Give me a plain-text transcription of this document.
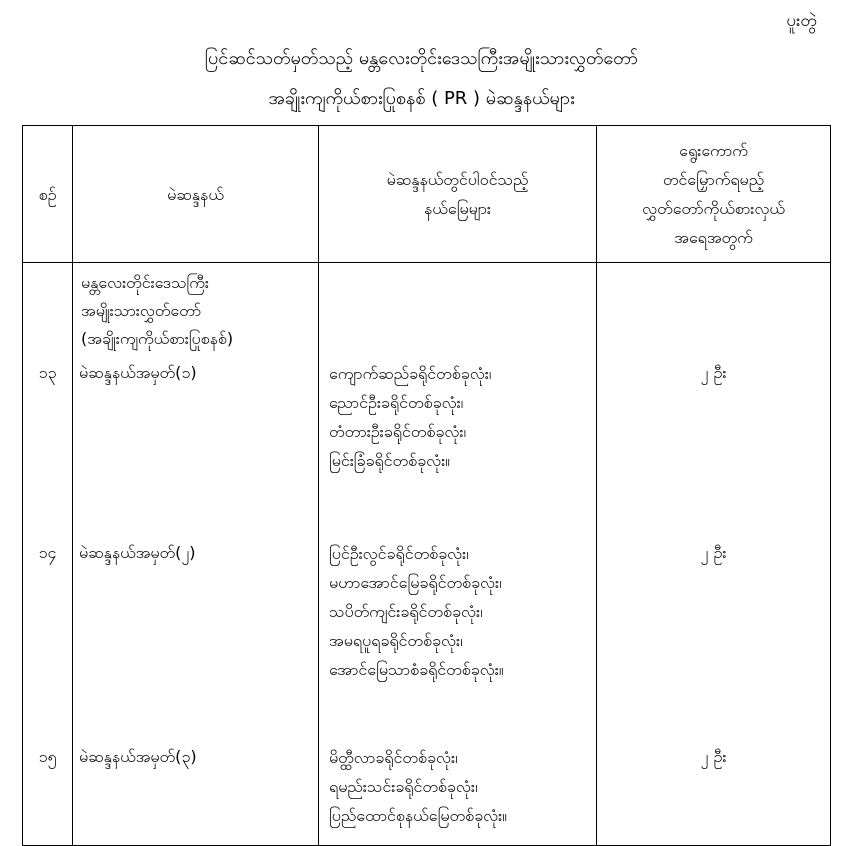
ပူးတွဲ
ပြင်ဆင်သတ်မှတ်သည့် မန္တလေးတိုင်းဒေသကြီးအမျိုးသားလွှတ်တော်
အချိုးကျကိုယ်စားပြုစနစ် ( PR ) မဲဆန္ဒနယ်များ
စဉ်	မဲဆန္ဒနယ်	မဲဆန္ဒနယ်တွင်ပါဝင်သည့်
နယ်မြေများ	ရွေးကောက်
တင်မြှောက်ရမည့်
လွှတ်တော်ကိုယ်စားလှယ်
အရေအတွက်

	မန္တလေးတိုင်းဒေသကြီး
အမျိုးသားလွှတ်တော်
(အချိုးကျကိုယ်စားပြုစနစ်)		

၁၃	မဲဆန္ဒနယ်အမှတ်(၁)	ကျောက်ဆည်ခရိုင်တစ်ခုလုံး၊
ညောင်ဦးခရိုင်တစ်ခုလုံး၊
တံတားဦးခရိုင်တစ်ခုလုံး၊
မြင်းခြံခရိုင်တစ်ခုလုံး။	၂ ဦး
၁၄	မဲဆန္ဒနယ်အမှတ်(၂)	ပြင်ဦးလွင်ခရိုင်တစ်ခုလုံး၊
မဟာအောင်မြေခရိုင်တစ်ခုလုံး၊
သပိတ်ကျင်းခရိုင်တစ်ခုလုံး၊
အမရပူရခရိုင်တစ်ခုလုံး၊
အောင်မြေသာစံခရိုင်တစ်ခုလုံး။	၂ ဦး
၁၅	မဲဆန္ဒနယ်အမှတ်(၃)	မိတ္ထီလာခရိုင်တစ်ခုလုံး၊
ရမည်းသင်းခရိုင်တစ်ခုလုံး၊
ပြည်ထောင်စုနယ်မြေတစ်ခုလုံး။	၂ ဦး
